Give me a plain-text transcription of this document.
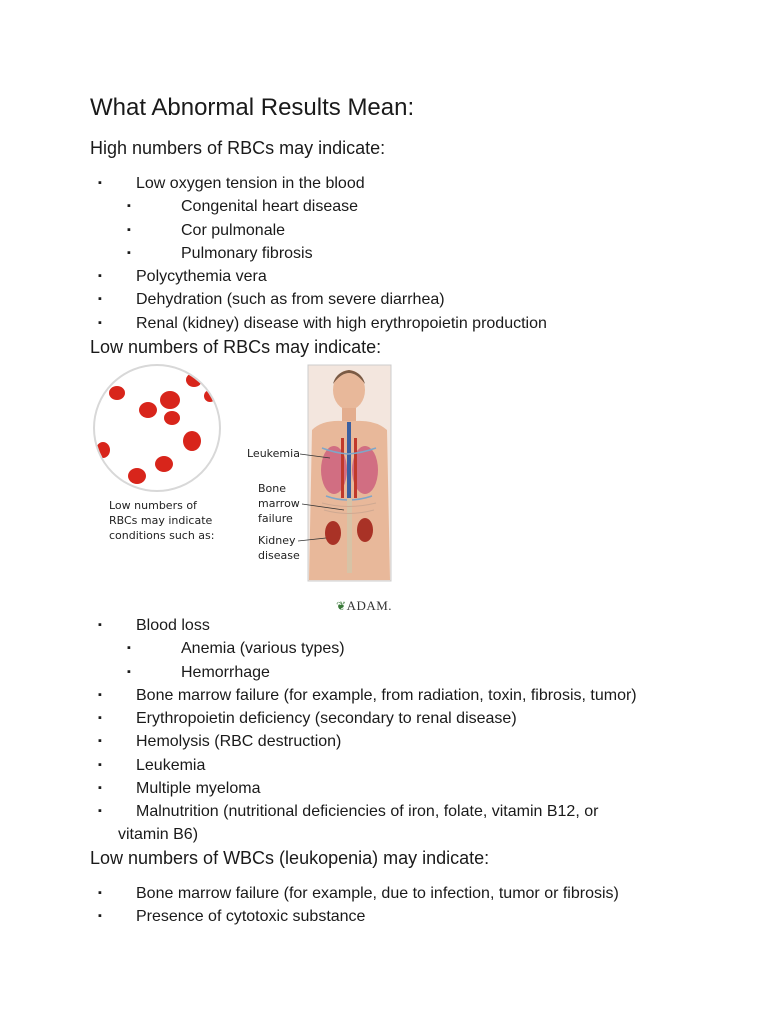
What Abnormal Results Mean:
High numbers of RBCs may indicate:
▪ Low oxygen tension in the blood
▪	Congenital heart disease
▪	Cor pulmonale
▪	Pulmonary fibrosis
▪ Polycythemia vera
▪ Dehydration (such as from severe diarrhea)
▪ Renal (kidney) disease with high erythropoietin production
Low numbers of RBCs may indicate:
Low numbers of
RBCs may indicate
conditions such as:
Leukemia
Bone
marrow
failure
Kidney
disease
❦ADAM.
▪ Blood loss
▪	Anemia (various types)
▪	Hemorrhage
▪ Bone marrow failure (for example, from radiation, toxin, fibrosis, tumor)
▪ Erythropoietin deficiency (secondary to renal disease)
▪ Hemolysis (RBC destruction)
▪ Leukemia
▪ Multiple myeloma
▪ Malnutrition (nutritional deficiencies of iron, folate, vitamin B12, or
vitamin B6)
Low numbers of WBCs (leukopenia) may indicate:
▪ Bone marrow failure (for example, due to infection, tumor or fibrosis)
▪ Presence of cytotoxic substance
